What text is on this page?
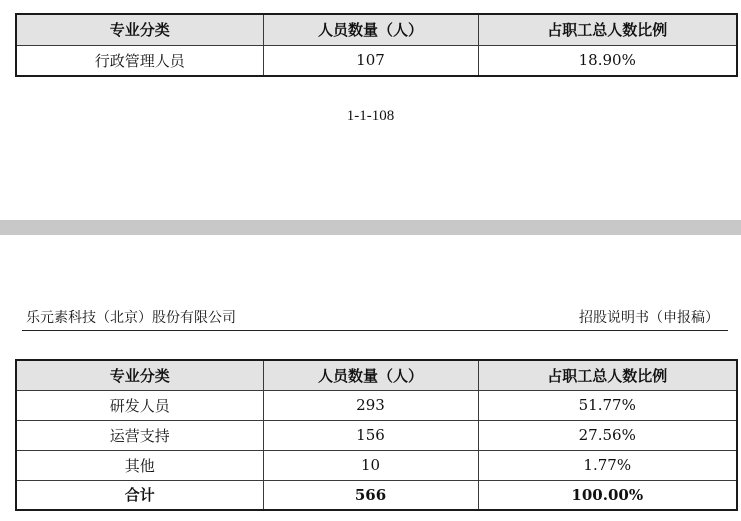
专业分类	人员数量（人）	占职工总人数比例
行政管理人员	107	18.90%
1-1-108
乐元素科技（北京）股份有限公司	招股说明书（申报稿）
专业分类	人员数量（人）	占职工总人数比例
研发人员	293	51.77%
运营支持	156	27.56%
其他	10	1.77%
合计	566	100.00%
